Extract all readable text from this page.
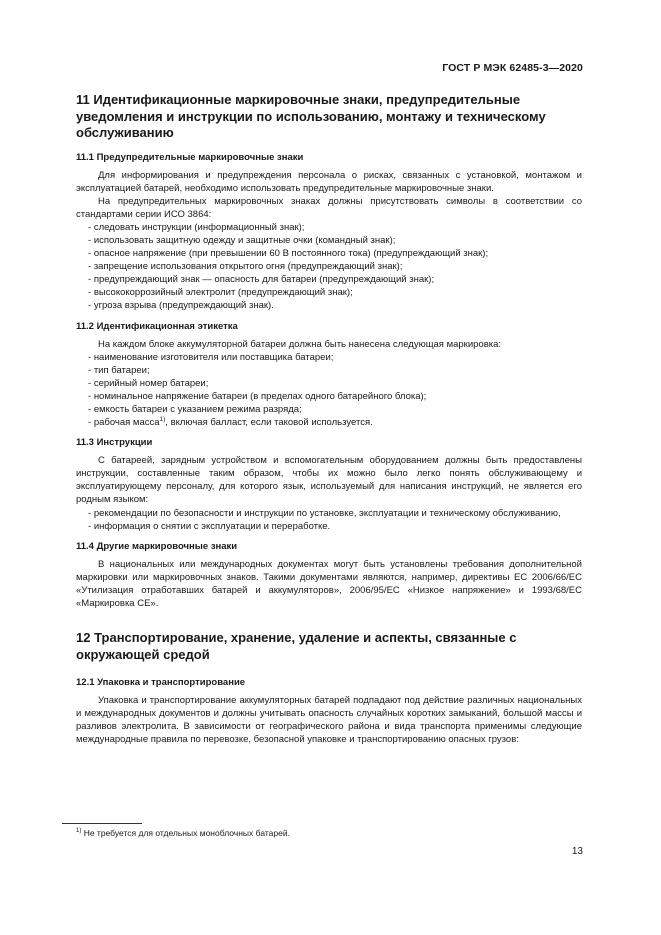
ГОСТ Р МЭК 62485-3—2020
11 Идентификационные маркировочные знаки, предупредительные уведомления и инструкции по использованию, монтажу и техническому обслуживанию
11.1 Предупредительные маркировочные знаки

Для информирования и предупреждения персонала о рисках, связанных с установкой, монтажом и эксплуатацией батарей, необходимо использовать предупредительные маркировочные знаки.

На предупредительных маркировочных знаках должны присутствовать символы в соответствии со стандартами серии ИСО 3864:

- следовать инструкции (информационный знак);
- использовать защитную одежду и защитные очки (командный знак);
- опасное напряжение (при превышении 60 В постоянного тока) (предупреждающий знак);
- запрещение использования открытого огня (предупреждающий знак);
- предупреждающий знак — опасность для батареи (предупреждающий знак);
- высококоррозийный электролит (предупреждающий знак);
- угроза взрыва (предупреждающий знак).
11.2 Идентификационная этикетка

На каждом блоке аккумуляторной батареи должна быть нанесена следующая маркировка:

- наименование изготовителя или поставщика батареи;
- тип батареи;
- серийный номер батареи;
- номинальное напряжение батареи (в пределах одного батарейного блока);
- емкость батареи с указанием режима разряда;
- рабочая масса$^{1)}$, включая балласт, если таковой используется.
11.3 Инструкции

С батареей, зарядным устройством и вспомогательным оборудованием должны быть предоставлены инструкции, составленные таким образом, чтобы их можно было легко понять обслуживающему и эксплуатирующему персоналу, для которого язык, используемый для написания инструкций, не является его родным языком:

- рекомендации по безопасности и инструкции по установке, эксплуатации и техническому обслуживанию,
- информация о снятии с эксплуатации и переработке.
11.4 Другие маркировочные знаки

В национальных или международных документах могут быть установлены требования дополнительной маркировки или маркировочных знаков. Такими документами являются, например, директивы ЕС 2006/66/ЕС «Утилизация отработавших батарей и аккумуляторов», 2006/95/ЕС «Низкое напряжение» и 1993/68/ЕС «Маркировка СЕ».

12 Транспортирование, хранение, удаление и аспекты, связанные с окружающей средой
12.1 Упаковка и транспортирование

Упаковка и транспортирование аккумуляторных батарей подпадают под действие различных национальных и международных документов и должны учитывать опасность случайных коротких замыканий, большой массы и разливов электролита. В зависимости от географического района и вида транспорта применимы следующие международные правила по перевозке, безопасной упаковке и транспортированию опасных грузов:

$^{1)}$ Не требуется для отдельных моноблочных батарей.
13
